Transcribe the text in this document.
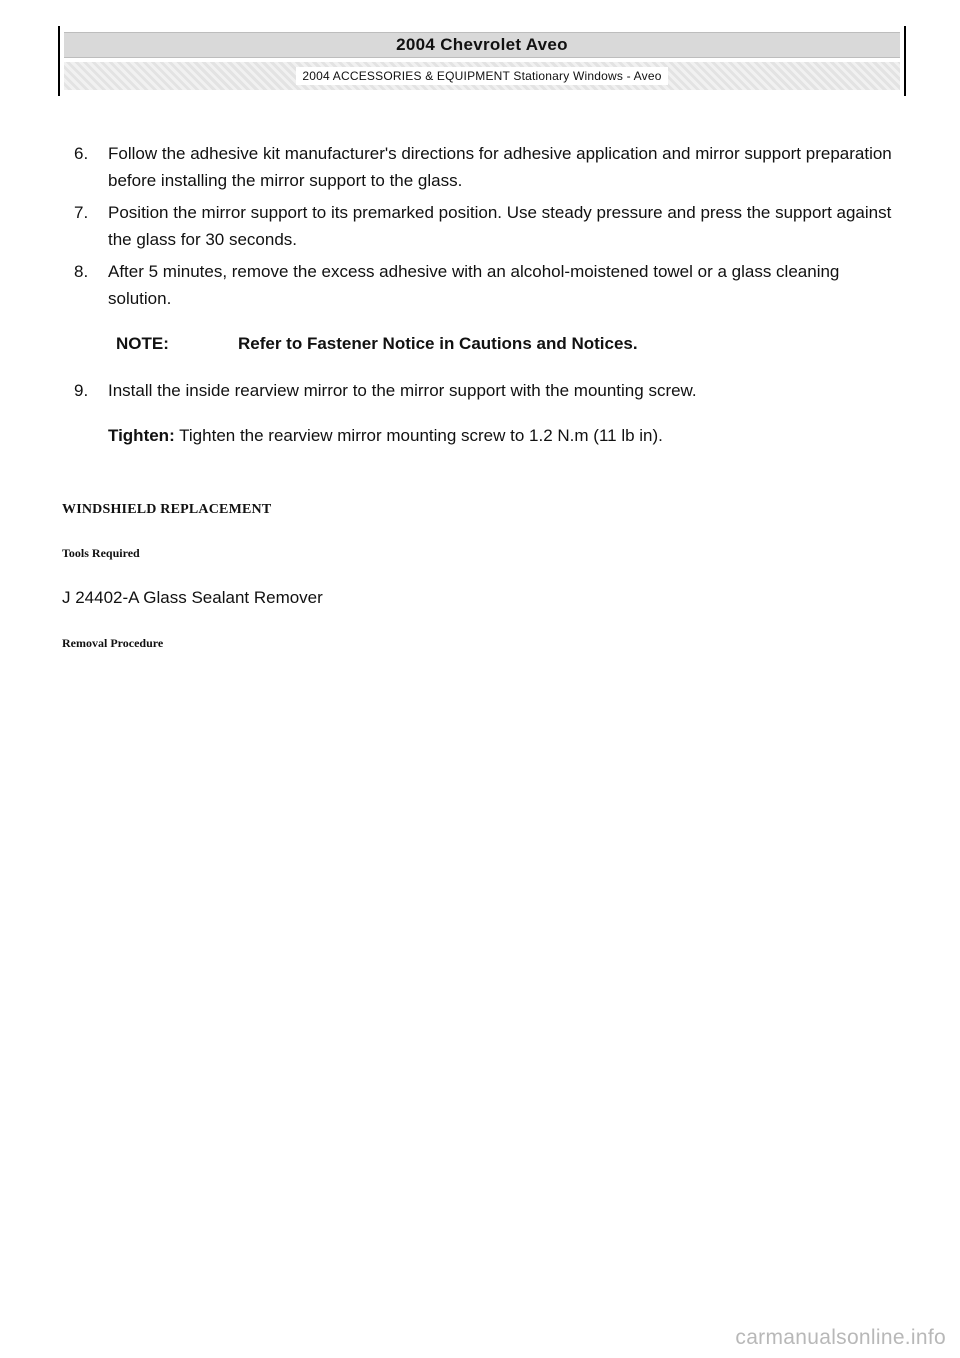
2004 Chevrolet Aveo
2004 ACCESSORIES & EQUIPMENT Stationary Windows - Aveo
6.	Follow the adhesive kit manufacturer's directions for adhesive application and mirror support preparation before installing the mirror support to the glass.
7.	Position the mirror support to its premarked position. Use steady pressure and press the support against the glass for 30 seconds.
8.	After 5 minutes, remove the excess adhesive with an alcohol-moistened towel or a glass cleaning solution.
NOTE:	Refer to Fastener Notice in Cautions and Notices.
9.	Install the inside rearview mirror to the mirror support with the mounting screw.
Tighten: Tighten the rearview mirror mounting screw to 1.2 N.m (11 lb in).
WINDSHIELD REPLACEMENT
Tools Required
J 24402-A Glass Sealant Remover
Removal Procedure
carmanualsonline.info
